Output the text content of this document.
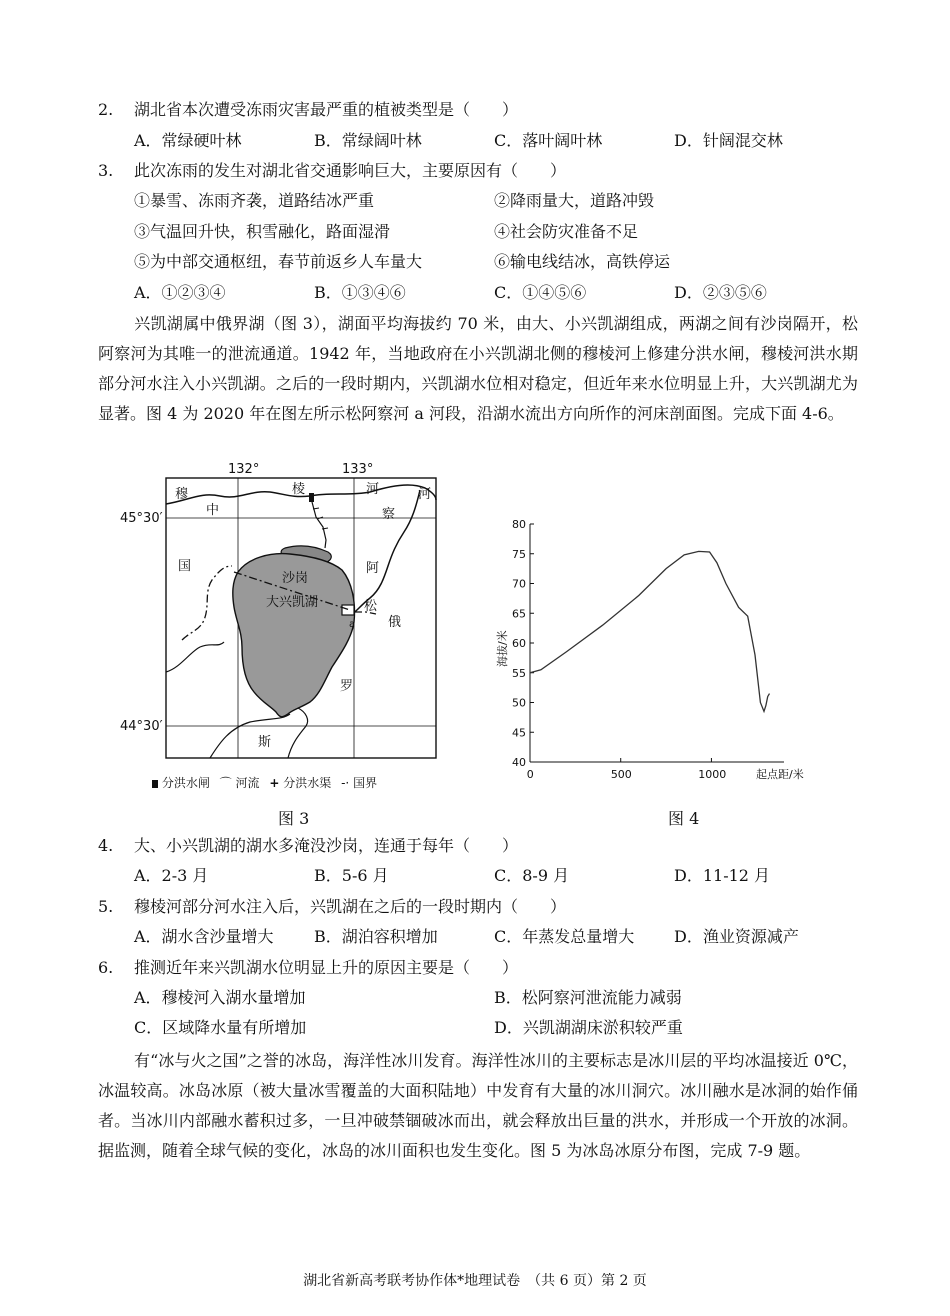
2. 湖北省本次遭受冻雨灾害最严重的植被类型是（　　）
A．常绿硬叶林	B．常绿阔叶林	C．落叶阔叶林	D．针阔混交林
3. 此次冻雨的发生对湖北省交通影响巨大，主要原因有（　　）
①暴雪、冻雨齐袭，道路结冰严重	②降雨量大，道路冲毁
③气温回升快，积雪融化，路面湿滑	④社会防灾准备不足
⑤为中部交通枢纽，春节前返乡人车量大	⑥输电线结冰，高铁停运
A．①②③④	B．①③④⑥	C．①④⑤⑥	D．②③⑤⑥
兴凯湖属中俄界湖（图 3），湖面平均海拔约 70 米，由大、小兴凯湖组成，两湖之间有沙岗隔开，松阿察河为其唯一的泄流通道。1942 年，当地政府在小兴凯湖北侧的穆棱河上修建分洪水闸，穆棱河洪水期部分河水注入小兴凯湖。之后的一段时期内，兴凯湖水位相对稳定，但近年来水位明显上升，大兴凯湖尤为显著。图 4 为 2020 年在图左所示松阿察河 a 河段，沿湖水流出方向所作的河床剖面图。完成下面 4-6。
132°	133°
45°30′
44°30′
a
穆
中
国
棱	河	河
察
阿
松
俄
罗
斯
沙岗
大兴凯湖
分洪水闸 ⌒ 河流 + 分洪水渠 -· 国界
图 3
40
45
50
55
60
65
70
75
80
0	500	1000
海拔/米
起点距/米
图 4
4. 大、小兴凯湖的湖水多淹没沙岗，连通于每年（　　）
A．2-3 月	B．5-6 月	C．8-9 月	D．11-12 月
5. 穆棱河部分河水注入后，兴凯湖在之后的一段时期内（　　）
A．湖水含沙量增大	B．湖泊容积增加	C．年蒸发总量增大 D．渔业资源减产
6. 推测近年来兴凯湖水位明显上升的原因主要是（　　）
A．穆棱河入湖水量增加	B．松阿察河泄流能力减弱
C．区域降水量有所增加	D．兴凯湖湖床淤积较严重
有“冰与火之国”之誉的冰岛，海洋性冰川发育。海洋性冰川的主要标志是冰川层的平均冰温接近 0℃，冰温较高。冰岛冰原（被大量冰雪覆盖的大面积陆地）中发育有大量的冰川洞穴。冰川融水是冰洞的始作俑者。当冰川内部融水蓄积过多，一旦冲破禁锢破冰而出，就会释放出巨量的洪水，并形成一个开放的冰洞。据监测，随着全球气候的变化，冰岛的冰川面积也发生变化。图 5 为冰岛冰原分布图，完成 7-9 题。
湖北省新高考联考协作体*地理试卷　（共 6 页）第 2 页
